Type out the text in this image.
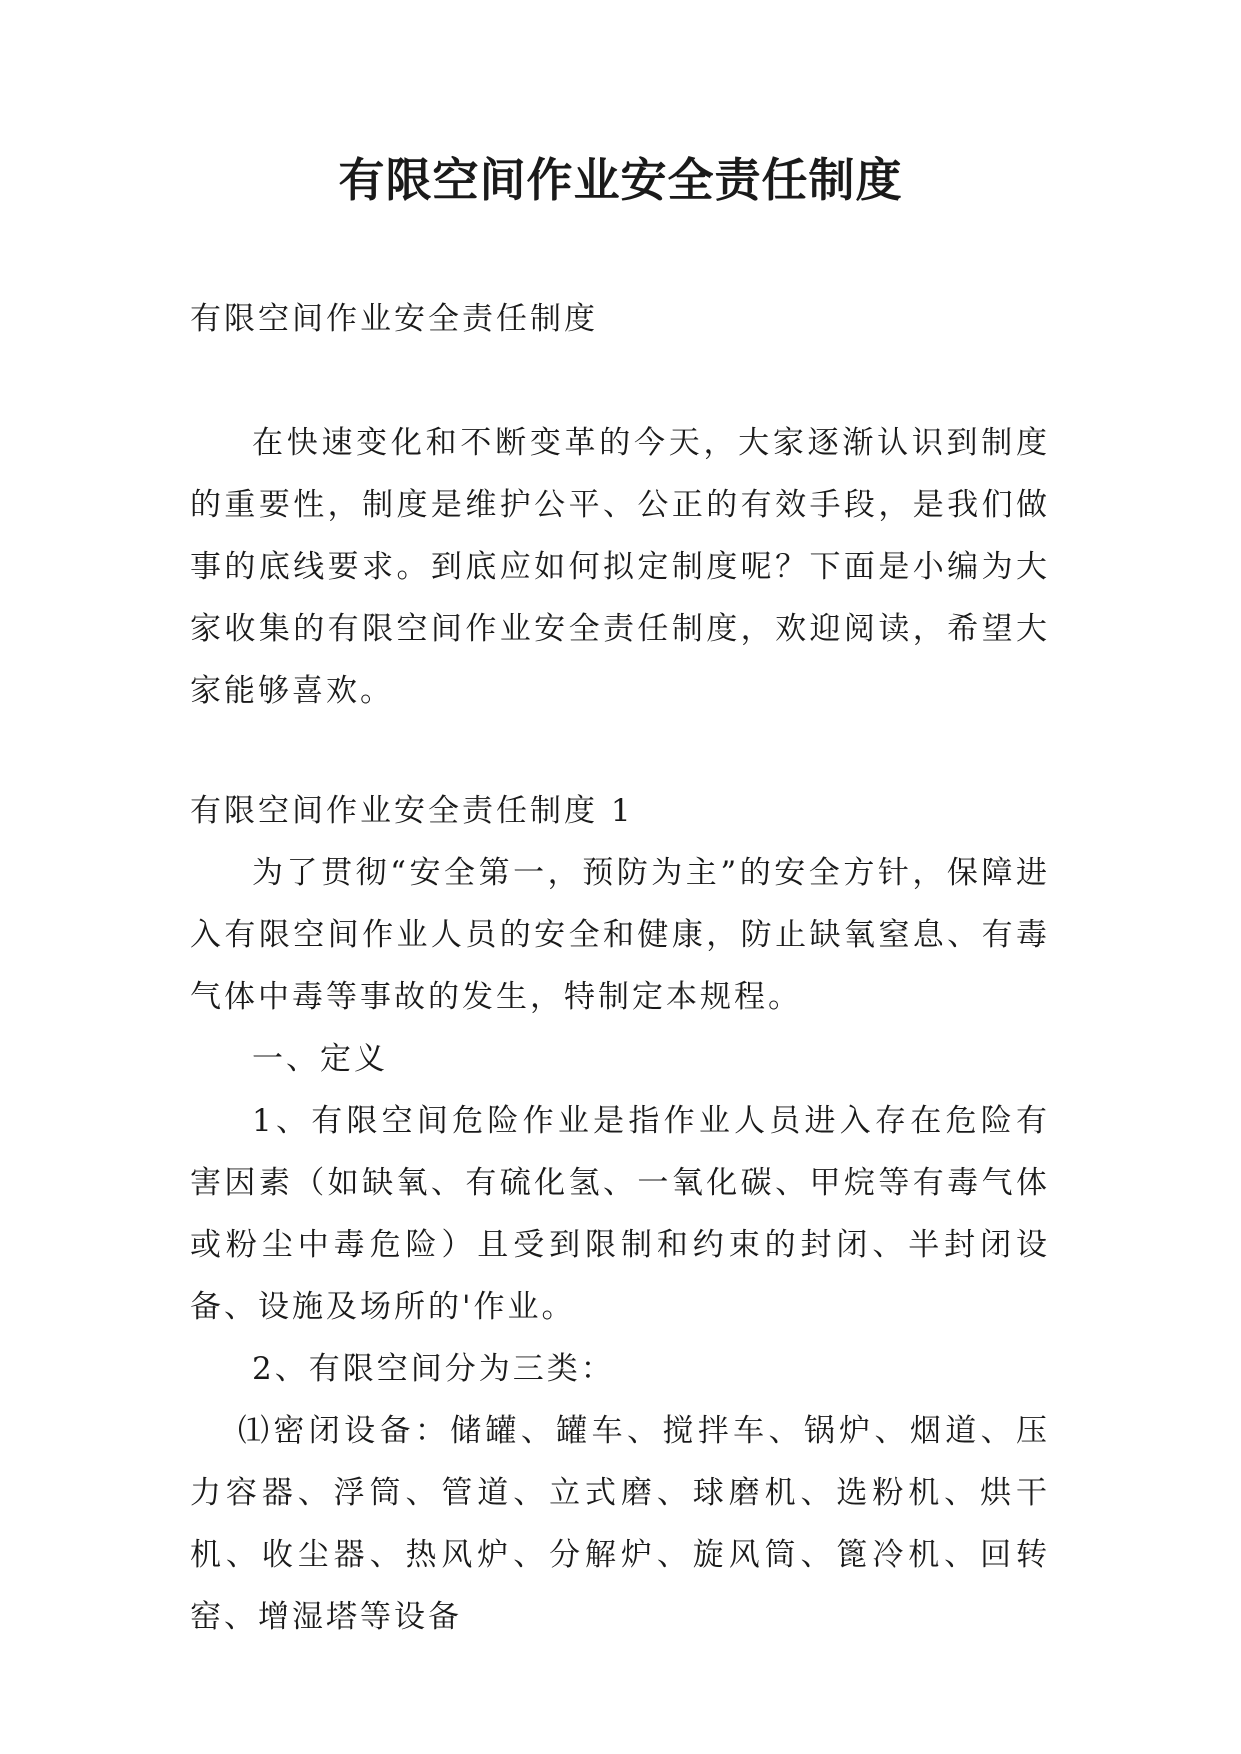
有限空间作业安全责任制度

有限空间作业安全责任制度

在快速变化和不断变革的今天，大家逐渐认识到制度的重要性，制度是维护公平、公正的有效手段，是我们做事的底线要求。到底应如何拟定制度呢？下面是小编为大家收集的有限空间作业安全责任制度，欢迎阅读，希望大家能够喜欢。

有限空间作业安全责任制度 1

为了贯彻“安全第一，预防为主”的安全方针，保障进入有限空间作业人员的安全和健康，防止缺氧窒息、有毒气体中毒等事故的发生，特制定本规程。

一、定义

1、有限空间危险作业是指作业人员进入存在危险有害因素（如缺氧、有硫化氢、一氧化碳、甲烷等有毒气体或粉尘中毒危险）且受到限制和约束的封闭、半封闭设备、设施及场所的'作业。

2、有限空间分为三类：

⑴密闭设备：储罐、罐车、搅拌车、锅炉、烟道、压力容器、浮筒、管道、立式磨、球磨机、选粉机、烘干机、收尘器、热风炉、分解炉、旋风筒、篦冷机、回转窑、增湿塔等设备
